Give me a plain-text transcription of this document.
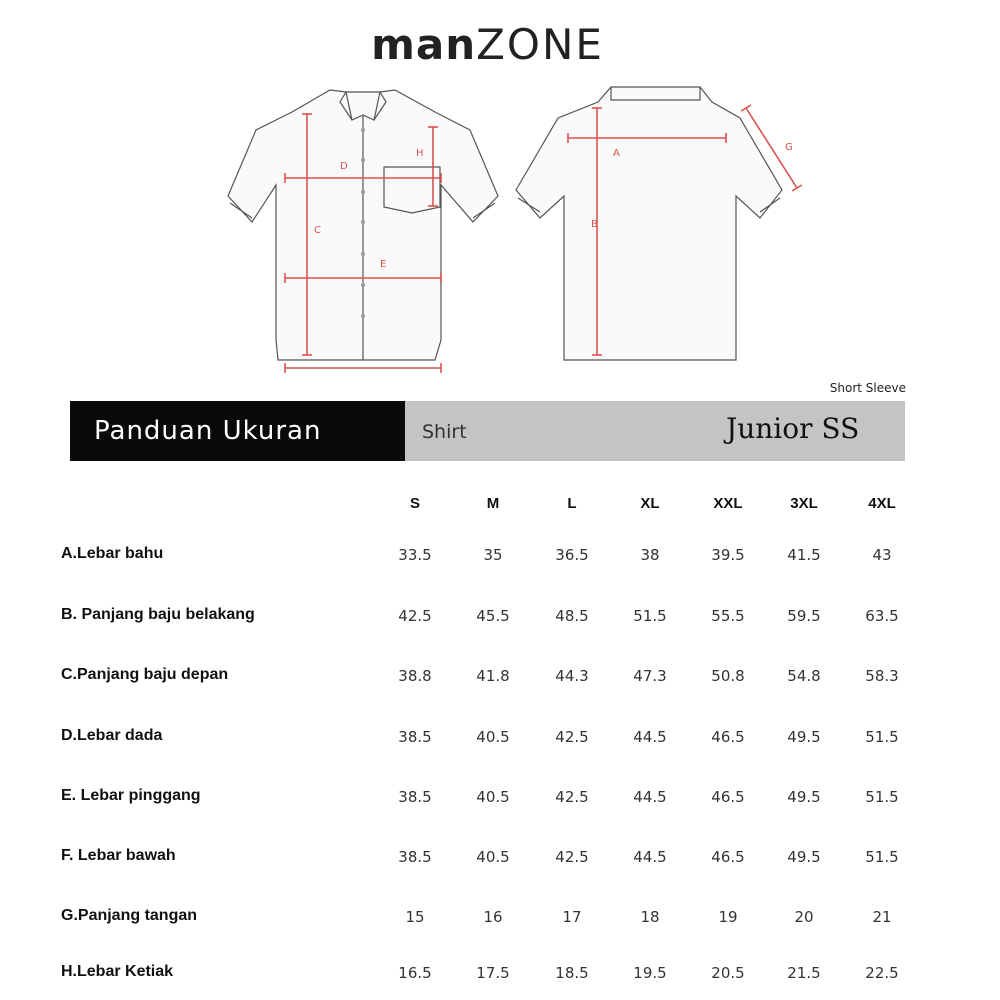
manZONE
D
H
C
E
A
B
G
Short Sleeve
Panduan Ukuran	Shirt	Junior SS
S	M	L	XL	XXL	3XL	4XL
A.Lebar bahu	33.5	35	36.5	38	39.5	41.5	43
B. Panjang baju belakang	42.5	45.5	48.5	51.5	55.5	59.5	63.5
C.Panjang baju depan	38.8	41.8	44.3	47.3	50.8	54.8	58.3
D.Lebar dada	38.5	40.5	42.5	44.5	46.5	49.5	51.5
E. Lebar pinggang	38.5	40.5	42.5	44.5	46.5	49.5	51.5
F. Lebar bawah	38.5	40.5	42.5	44.5	46.5	49.5	51.5
G.Panjang tangan	15	16	17	18	19	20	21
H.Lebar Ketiak	16.5	17.5	18.5	19.5	20.5	21.5	22.5
